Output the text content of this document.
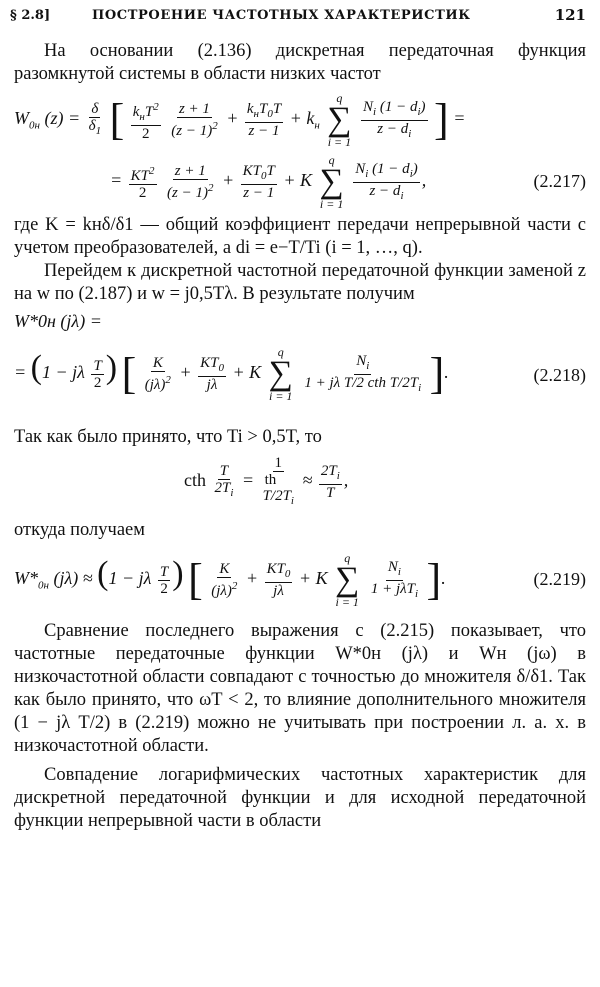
§ 2.8]	ПОСТРОЕНИЕ ЧАСТОТНЫХ ХАРАКТЕРИСТИК	121

На основании (2.136) дискретная передаточная функция разомкнутой системы в области низких частот

$W_{0н}$ $(z) = \frac{\delta}{\delta_1}$ [ $\frac{k_нT^2}{2}$
$\frac{z + 1}{(z - 1)^2} + \frac{k_нT_0T}{z - 1} + k_н$
q
∑
i = 1

$\frac{N_i (1 - d_i)}{z - d_i}$ ] =
= $\frac{KT^2}{2}$
$\frac{z + 1}{(z - 1)^2} + \frac{KT_0T}{z - 1} + K$
q
∑
i = 1

$\frac{N_i (1 - d_i)}{z - d_i}$ ,	(2.217)

где K = kнδ/δ1 — общий коэффициент передачи непрерывной части с учетом преобразователей, а di = e−T/Ti (i = 1, …, q).

Перейдем к дискретной частотной передаточной функции заменой z на w по (2.187) и w = j0,5Tλ. В результате получим

W*0н (jλ) =
= (1 − jλ $\frac{T}{2}$ ) [ $\frac{K}{(j\lambda)^2} + \frac{KT_0}{j\lambda} + K$
q
∑
i = 1

$\frac{N_i}{1 + j\lambda T/2 cth T/2T_i}$ ].	(2.218)

Так как было принято, что Ti > 0,5T, то

cth $\frac{T}{2T_i} = 1$
th
$T/2T_i \approx \frac{2T_i}{T}$ ,

откуда получаем

$W*_{0н}$ (jλ) ≈ (1 − jλ $\frac{T}{2}$ ) [ $\frac{K}{(j\lambda)^2} + \frac{KT_0}{j\lambda} + K$
q
∑
i = 1

$\frac{N_i}{1 + j\lambda T_i}$ ].	(2.219)

Сравнение последнего выражения с (2.215) показывает, что частотные передаточные функции W*0н (jλ) и Wн (jω) в низкочастотной области совпадают с точностью до множителя δ/δ1. Так как было принято, что ωT < 2, то влияние дополнительного множителя (1 − jλ T/2) в (2.219) можно не учитывать при построении л. а. х. в низкочастотной области.

Совпадение логарифмических частотных характеристик для дискретной передаточной функции и для исходной передаточной функции непрерывной части в области
